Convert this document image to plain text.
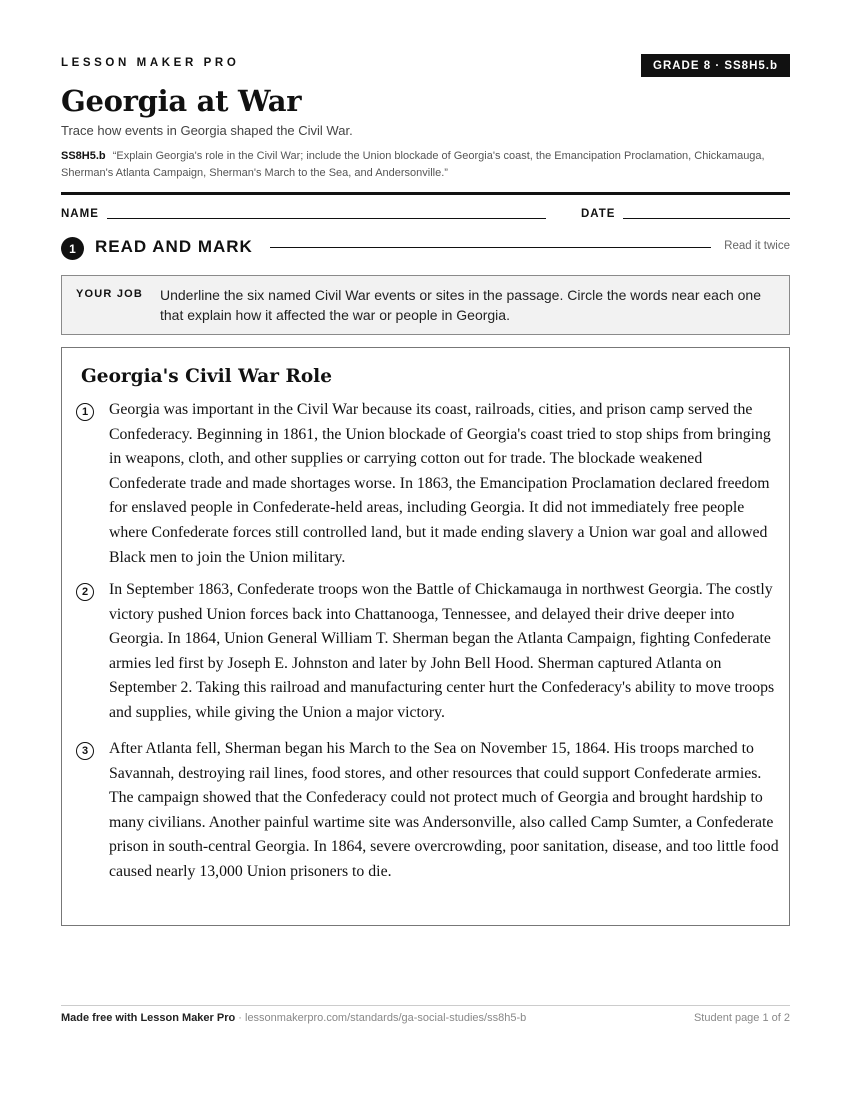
LESSON MAKER PRO	GRADE 8 · SS8H5.b
Georgia at War
Trace how events in Georgia shaped the Civil War.
SS8H5.b “Explain Georgia's role in the Civil War; include the Union blockade of Georgia's coast, the Emancipation Proclamation, Chickamauga, Sherman's Atlanta Campaign, Sherman's March to the Sea, and Andersonville.”
NAME	DATE
1	READ AND MARK	Read it twice
YOUR JOB Underline the six named Civil War events or sites in the passage. Circle the words near each one that explain how it affected the war or people in Georgia.
Georgia's Civil War Role
1	Georgia was important in the Civil War because its coast, railroads, cities, and prison camp served the Confederacy. Beginning in 1861, the Union blockade of Georgia's coast tried to stop ships from bringing in weapons, cloth, and other supplies or carrying cotton out for trade. The blockade weakened Confederate trade and made shortages worse. In 1863, the Emancipation Proclamation declared freedom for enslaved people in Confederate-held areas, including Georgia. It did not immediately free people where Confederate forces still controlled land, but it made ending slavery a Union war goal and allowed Black men to join the Union military.
2	In September 1863, Confederate troops won the Battle of Chickamauga in northwest Georgia. The costly victory pushed Union forces back into Chattanooga, Tennessee, and delayed their drive deeper into Georgia. In 1864, Union General William T. Sherman began the Atlanta Campaign, fighting Confederate armies led first by Joseph E. Johnston and later by John Bell Hood. Sherman captured Atlanta on September 2. Taking this railroad and manufacturing center hurt the Confederacy's ability to move troops and supplies, while giving the Union a major victory.
3	After Atlanta fell, Sherman began his March to the Sea on November 15, 1864. His troops marched to Savannah, destroying rail lines, food stores, and other resources that could support Confederate armies. The campaign showed that the Confederacy could not protect much of Georgia and brought hardship to many civilians. Another painful wartime site was Andersonville, also called Camp Sumter, a Confederate prison in south-central Georgia. In 1864, severe overcrowding, poor sanitation, disease, and too little food caused nearly 13,000 Union prisoners to die.
Made free with Lesson Maker Pro · lessonmakerpro.com/standards/ga-social-studies/ss8h5-b	Student page 1 of 2
